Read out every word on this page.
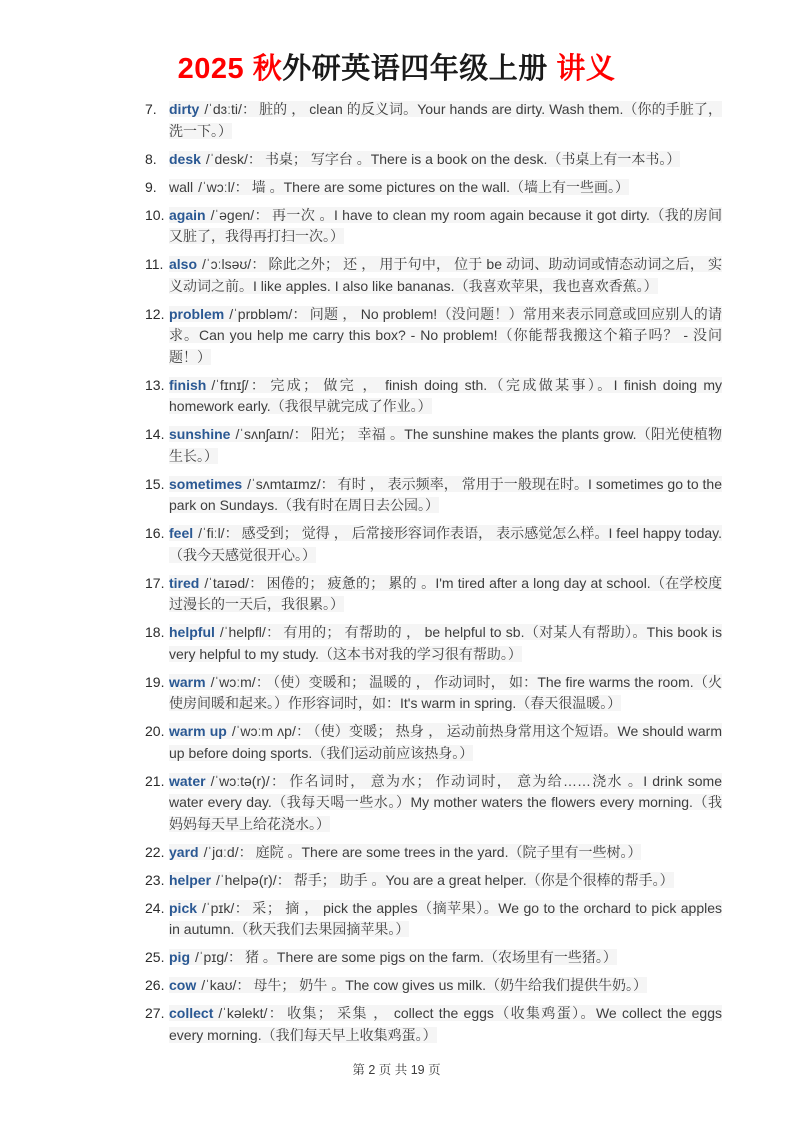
2025 秋外研英语四年级上册 讲义
7. dirty /ˈdɜːti/： 脏的 ， clean 的反义词。Your hands are dirty. Wash them.（你的手脏了，洗一下。）
8. desk /ˈdesk/： 书桌； 写字台 。There is a book on the desk.（书桌上有一本书。）
9. wall /ˈwɔːl/： 墙 。There are some pictures on the wall.（墙上有一些画。）
10. again /ˈəgen/： 再一次 。I have to clean my room again because it got dirty.（我的房间又脏了，我得再打扫一次。）
11. also /ˈɔːlsəʊ/： 除此之外； 还 ， 用于句中， 位于 be 动词、助动词或情态动词之后， 实义动词之前。I like apples. I also like bananas.（我喜欢苹果，我也喜欢香蕉。）
12. problem /ˈprɒbləm/： 问题 ， No problem!（没问题！）常用来表示同意或回应别人的请求。Can you help me carry this box? - No problem!（你能帮我搬这个箱子吗？ - 没问题！）
13. finish /ˈfɪnɪʃ/： 完成； 做完 ， finish doing sth.（完成做某事）。I finish doing my homework early.（我很早就完成了作业。）
14. sunshine /ˈsʌnʃaɪn/： 阳光； 幸福 。The sunshine makes the plants grow.（阳光使植物生长。）
15. sometimes /ˈsʌmtaɪmz/： 有时 ， 表示频率， 常用于一般现在时。I sometimes go to the park on Sundays.（我有时在周日去公园。）
16. feel /ˈfiːl/： 感受到； 觉得 ， 后常接形容词作表语， 表示感觉怎么样。I feel happy today.（我今天感觉很开心。）
17. tired /ˈtaɪəd/： 困倦的； 疲惫的； 累的 。I'm tired after a long day at school.（在学校度过漫长的一天后，我很累。）
18. helpful /ˈhelpfl/： 有用的； 有帮助的 ， be helpful to sb.（对某人有帮助）。This book is very helpful to my study.（这本书对我的学习很有帮助。）
19. warm /ˈwɔːm/： （使）变暖和； 温暖的 ， 作动词时， 如：The fire warms the room.（火使房间暖和起来。）作形容词时，如：It's warm in spring.（春天很温暖。）
20. warm up /ˈwɔːm ʌp/： （使）变暖； 热身 ， 运动前热身常用这个短语。We should warm up before doing sports.（我们运动前应该热身。）
21. water /ˈwɔːtə(r)/： 作名词时， 意为水； 作动词时， 意为给……浇水 。I drink some water every day.（我每天喝一些水。）My mother waters the flowers every morning.（我妈妈每天早上给花浇水。）
22. yard /ˈjɑːd/： 庭院 。There are some trees in the yard.（院子里有一些树。）
23. helper /ˈhelpə(r)/： 帮手； 助手 。You are a great helper.（你是个很棒的帮手。）
24. pick /ˈpɪk/： 采； 摘 ， pick the apples（摘苹果）。We go to the orchard to pick apples in autumn.（秋天我们去果园摘苹果。）
25. pig /ˈpɪg/： 猪 。There are some pigs on the farm.（农场里有一些猪。）
26. cow /ˈkaʊ/： 母牛； 奶牛 。The cow gives us milk.（奶牛给我们提供牛奶。）
27. collect /ˈkəlekt/： 收集； 采集 ， collect the eggs（收集鸡蛋）。We collect the eggs every morning.（我们每天早上收集鸡蛋。）
第 2 页 共 19 页
